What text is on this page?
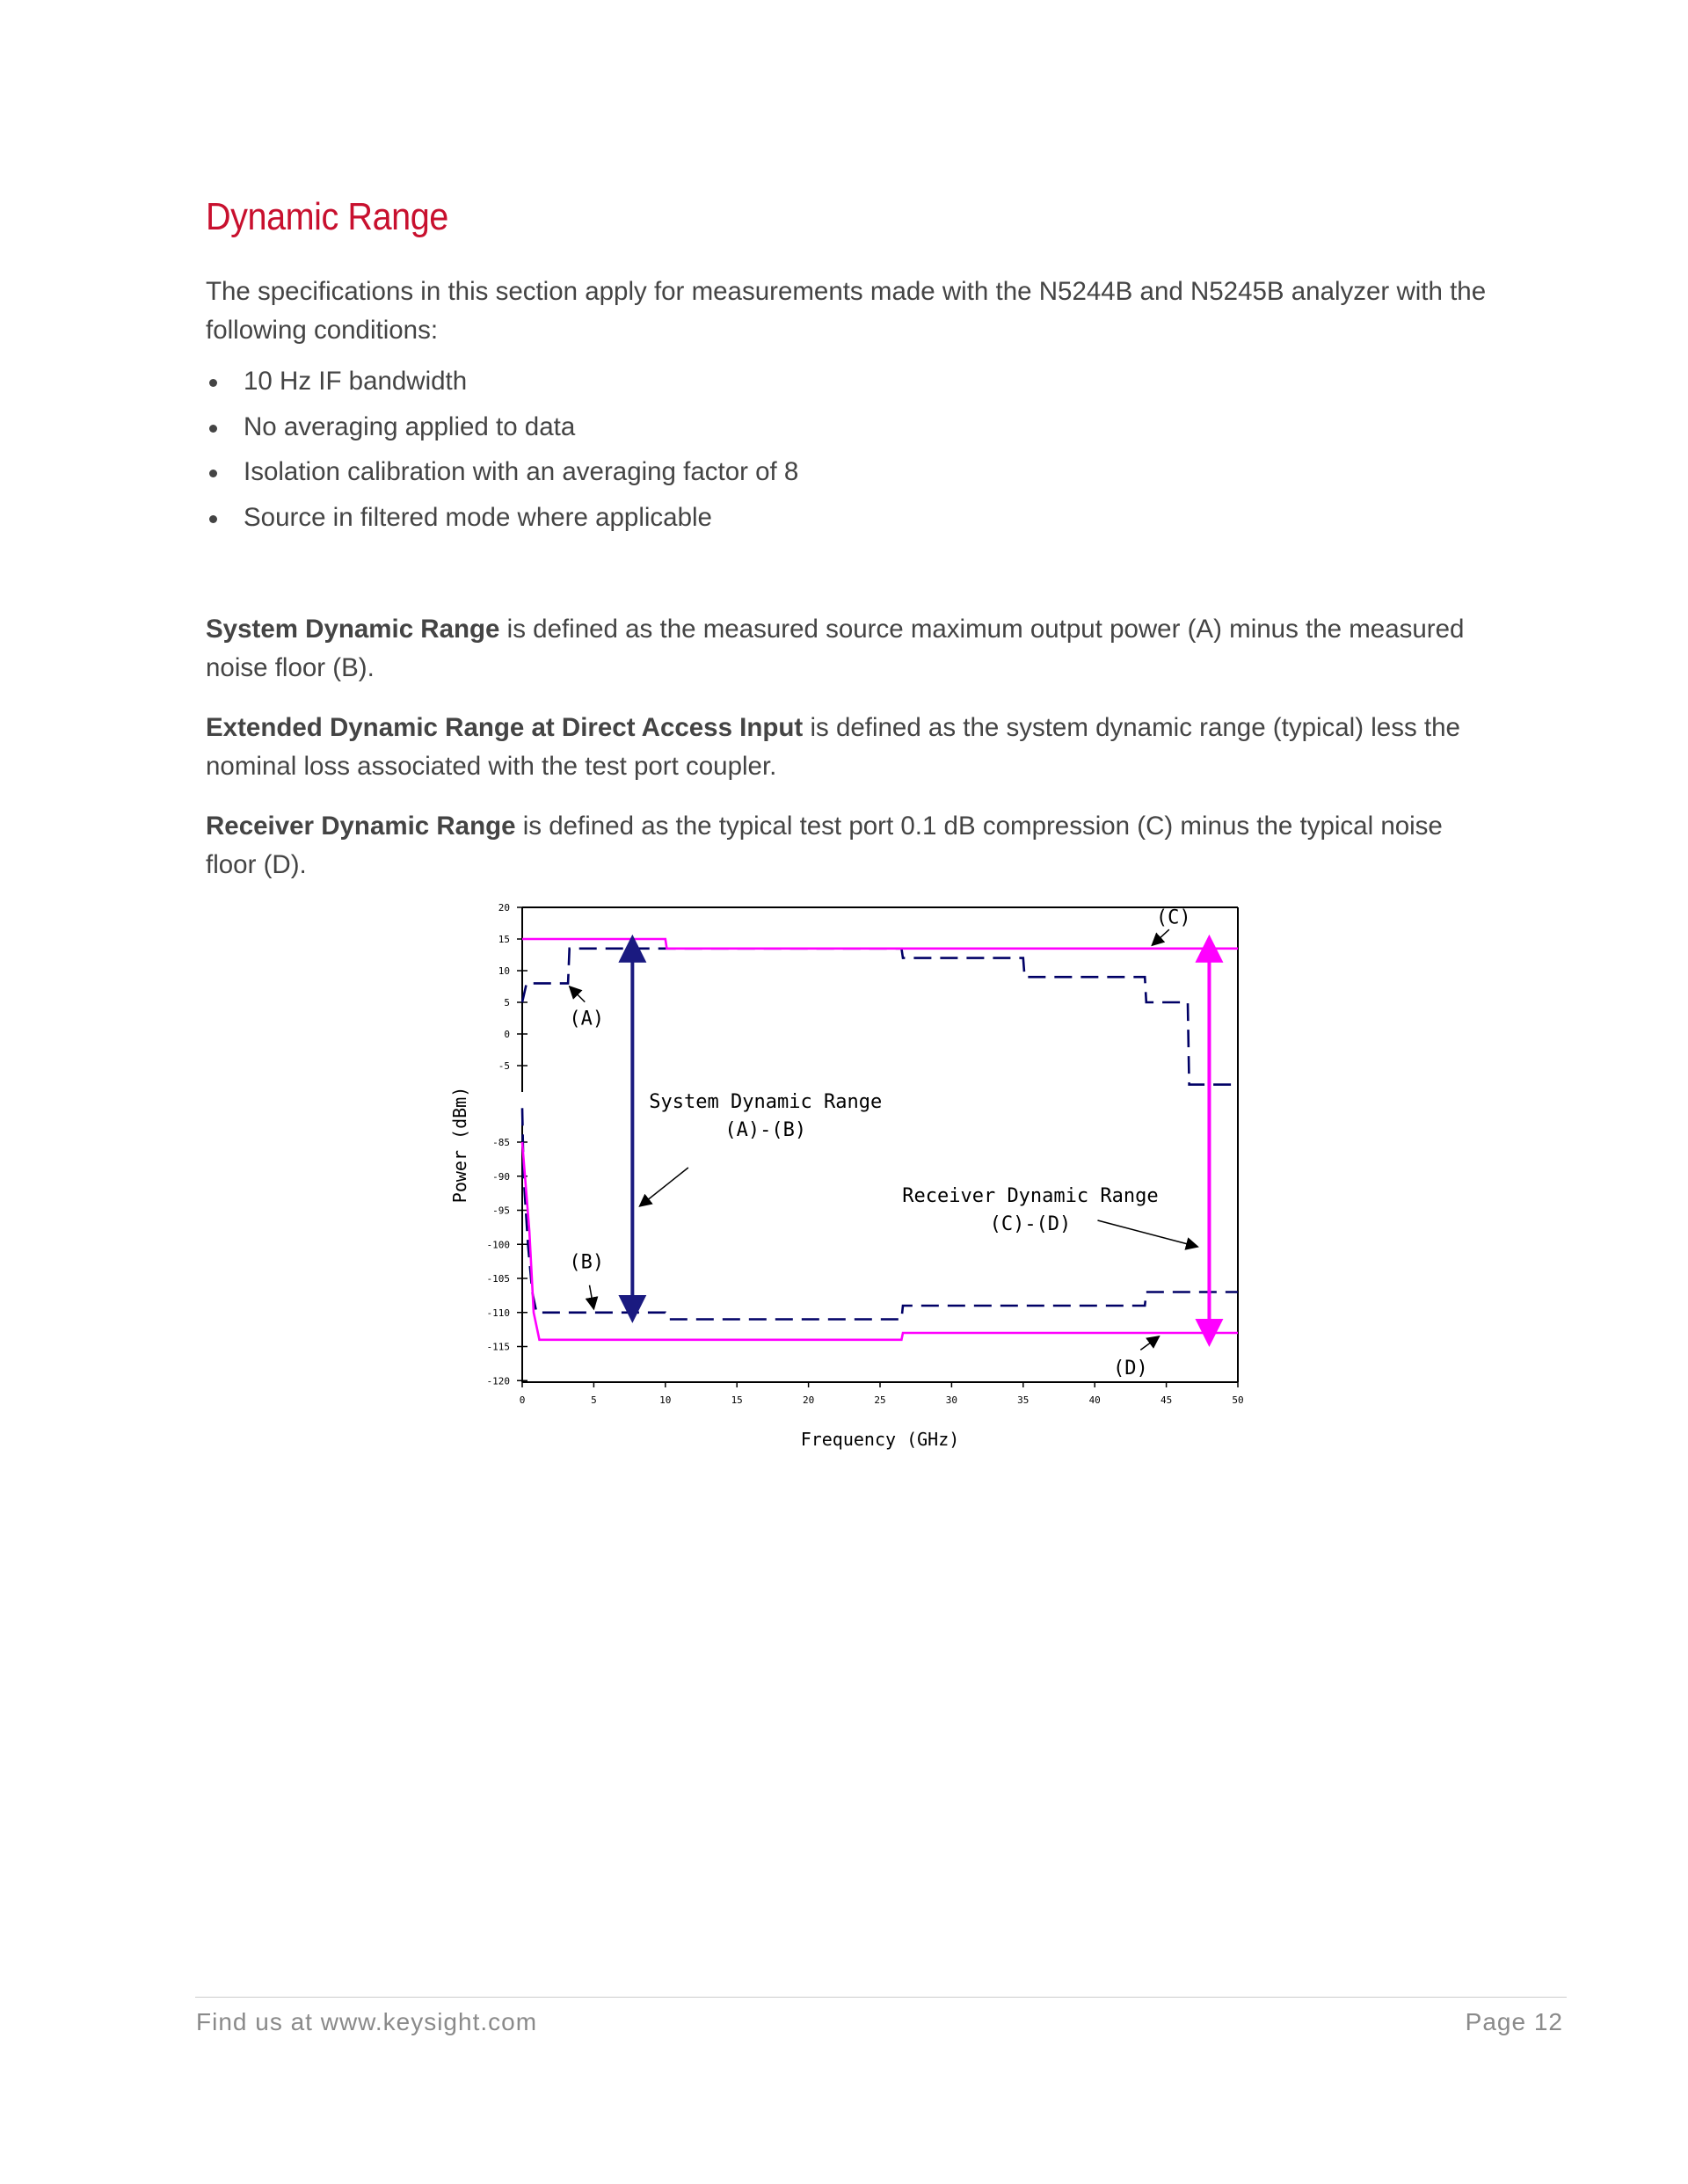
Dynamic Range

The specifications in this section apply for measurements made with the N5244B and N5245B analyzer with the following conditions:

10 Hz IF bandwidth
No averaging applied to data
Isolation calibration with an averaging factor of 8
Source in filtered mode where applicable

System Dynamic Range is defined as the measured source maximum output power (A) minus the measured noise floor (B).

Extended Dynamic Range at Direct Access Input is defined as the system dynamic range (typical) less the nominal loss associated with the test port coupler.

Receiver Dynamic Range is defined as the typical test port 0.1 dB compression (C) minus the typical noise floor (D).

20
15
10
5
0
-5
-85
-90
-95
-100
-105
-110
-115
-120
0	5	10	15	20	25	30	35	40	45	50
Frequency (GHz)
Power (dBm)
(A)
(B)
(C)
(D)
System Dynamic Range
(A)-(B)
Receiver Dynamic Range
(C)-(D)
Find us at www.keysight.com	Page 12
